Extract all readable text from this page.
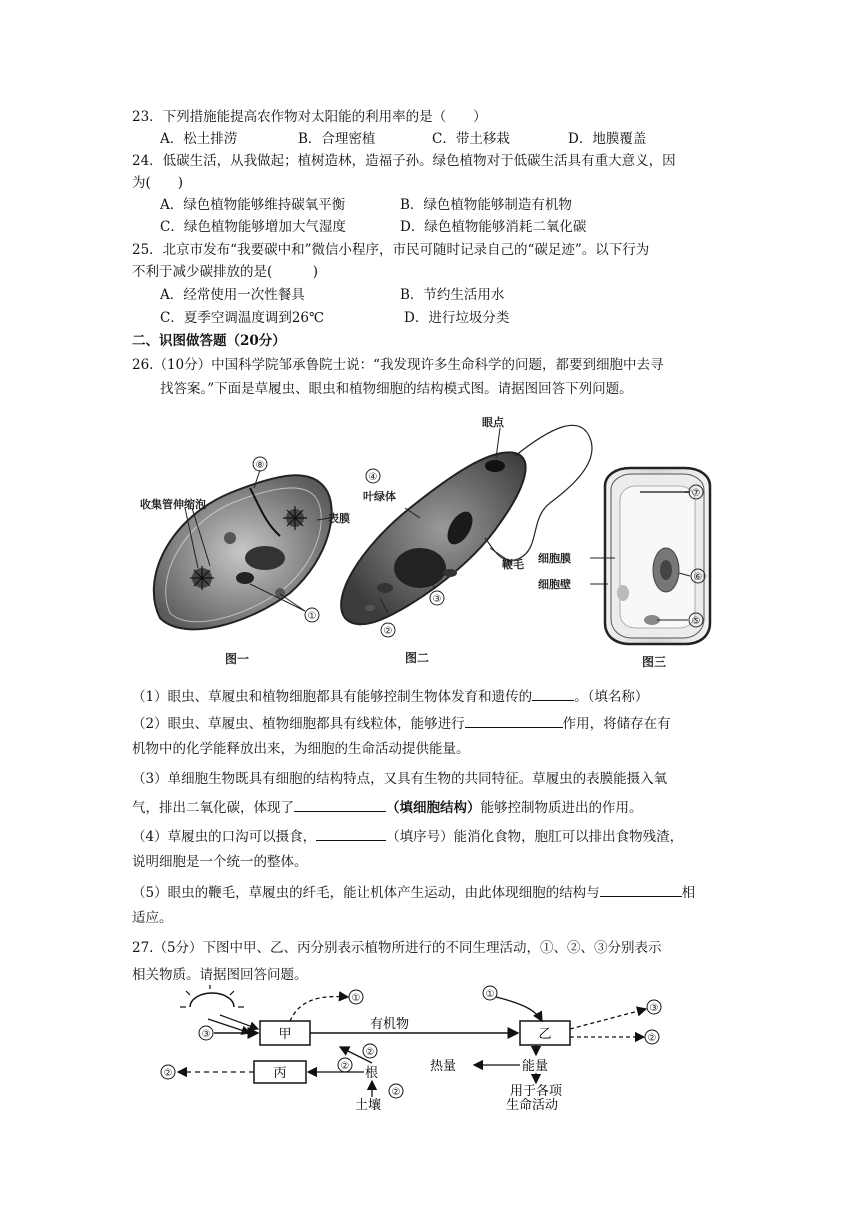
23．下列措施能提高农作物对太阳能的利用率的是（　　）
A．松土排涝	B．合理密植	C．带土移栽	D．地膜覆盖
24．低碳生活，从我做起；植树造林，造福子孙。绿色植物对于低碳生活具有重大意义，因
为(　　)
A．绿色植物能够维持碳氧平衡	B．绿色植物能够制造有机物
C．绿色植物能够增加大气湿度	D．绿色植物能够消耗二氧化碳
25．北京市发布“我要碳中和”微信小程序，市民可随时记录自己的“碳足迹”。以下行为
不利于减少碳排放的是(　　　)
A．经常使用一次性餐具	B．节约生活用水
C．夏季空调温度调到26℃	D．进行垃圾分类
二、识图做答题（20分）
26.（10分）中国科学院邹承鲁院士说：“我发现许多生命科学的问题，都要到细胞中去寻
找答案。”下面是草履虫、眼虫和植物细胞的结构模式图。请据图回答下列问题。
⑧
收集管伸缩泡
表膜
①
图一
眼点
④
叶绿体
鞭毛
③
②
图二
⑦
⑥
⑤
细胞膜
细胞壁
图三
（1）眼虫、草履虫和植物细胞都具有能够控制生物体发育和遗传的	。（填名称）
（2）眼虫、草履虫、植物细胞都具有线粒体，能够进行	作用，将储存在有
机物中的化学能释放出来，为细胞的生命活动提供能量。
（3）单细胞生物既具有细胞的结构特点，又具有生物的共同特征。草履虫的表膜能摄入氧
气，排出二氧化碳，体现了	（填细胞结构）能够控制物质进出的作用。
（4）草履虫的口沟可以摄食，	（填序号）能消化食物，胞肛可以排出食物残渣，
说明细胞是一个统一的整体。
（5）眼虫的鞭毛，草履虫的纤毛，能让机体产生运动，由此体现细胞的结构与	相
适应。
27.（5分）下图中甲、乙、丙分别表示植物所进行的不同生理活动，①、②、③分别表示
相关物质。请据图回答问题。
③	甲
①
有机物
乙
①
③
②
能量
热量
用于各项
生命活动
丙
②	根
②
②
②
土壤
